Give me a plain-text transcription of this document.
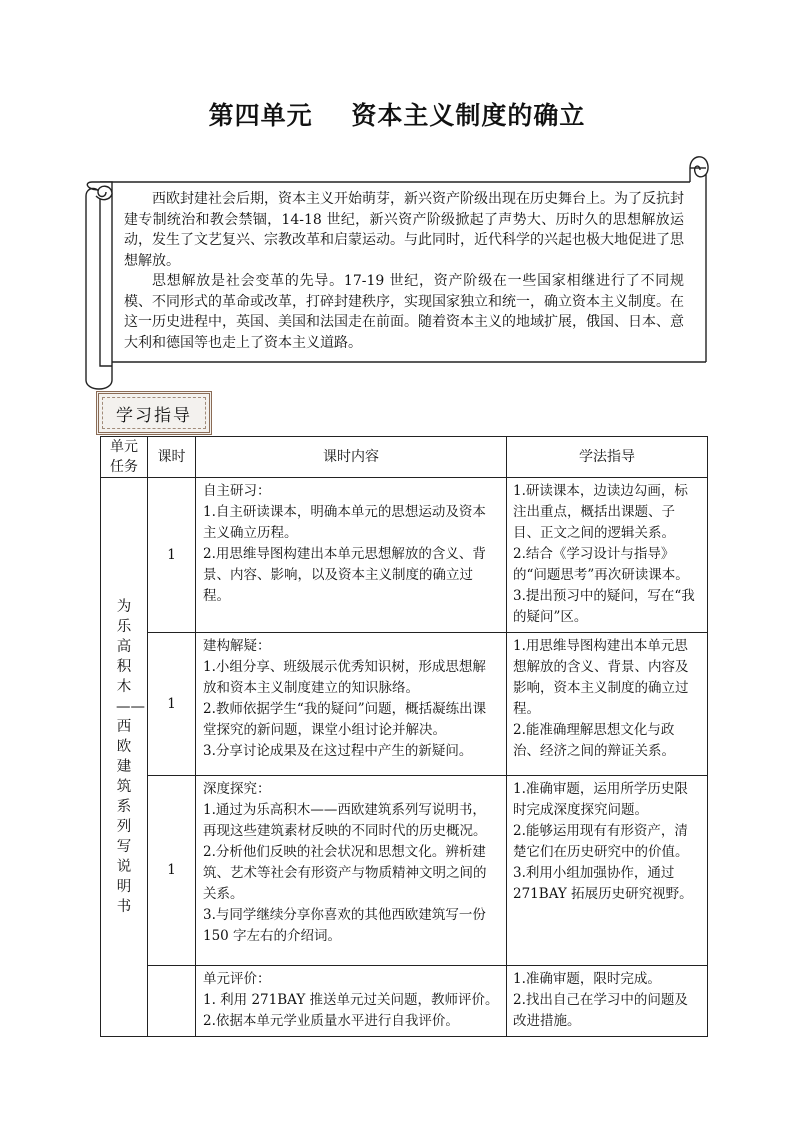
第四单元    资本主义制度的确立

西欧封建社会后期，资本主义开始萌芽，新兴资产阶级出现在历史舞台上。为了反抗封建专制统治和教会禁锢，14-18 世纪，新兴资产阶级掀起了声势大、历时久的思想解放运动，发生了文艺复兴、宗教改革和启蒙运动。与此同时，近代科学的兴起也极大地促进了思想解放。

思想解放是社会变革的先导。17-19 世纪，资产阶级在一些国家相继进行了不同规模、不同形式的革命或改革，打碎封建秩序，实现国家独立和统一，确立资本主义制度。在这一历史进程中，英国、美国和法国走在前面。随着资本主义的地域扩展，俄国、日本、意大利和德国等也走上了资本主义道路。

学习指导
单元任务	课时	课时内容	学法指导

为乐高积木——西欧建筑系列写说明书	1	自主研习：
1.自主研读课本，明确本单元的思想运动及资本主义确立历程。
2.用思维导图构建出本单元思想解放的含义、背景、内容、影响，以及资本主义制度的确立过程。	1.研读课本，边读边勾画，标注出重点，概括出课题、子目、正文之间的逻辑关系。
2.结合《学习设计与指导》的“问题思考”再次研读课本。
3.提出预习中的疑问，写在“我的疑问”区。

	1	建构解疑：
1.小组分享、班级展示优秀知识树，形成思想解放和资本主义制度建立的知识脉络。
2.教师依据学生“我的疑问”问题，概括凝练出课堂探究的新问题，课堂小组讨论并解决。
3.分享讨论成果及在这过程中产生的新疑问。	1.用思维导图构建出本单元思想解放的含义、背景、内容及影响，资本主义制度的确立过程。
2.能准确理解思想文化与政治、经济之间的辩证关系。

	1	深度探究：
1.通过为乐高积木——西欧建筑系列写说明书，再现这些建筑素材反映的不同时代的历史概况。
2.分析他们反映的社会状况和思想文化。辨析建筑、艺术等社会有形资产与物质精神文明之间的关系。
3.与同学继续分享你喜欢的其他西欧建筑写一份150 字左右的介绍词。	1.准确审题，运用所学历史限时完成深度探究问题。
2.能够运用现有有形资产，清楚它们在历史研究中的价值。
3.利用小组加强协作，通过271BAY 拓展历史研究视野。

		单元评价：
1. 利用 271BAY 推送单元过关问题，教师评价。
2.依据本单元学业质量水平进行自我评价。	1.准确审题，限时完成。
2.找出自己在学习中的问题及改进措施。
